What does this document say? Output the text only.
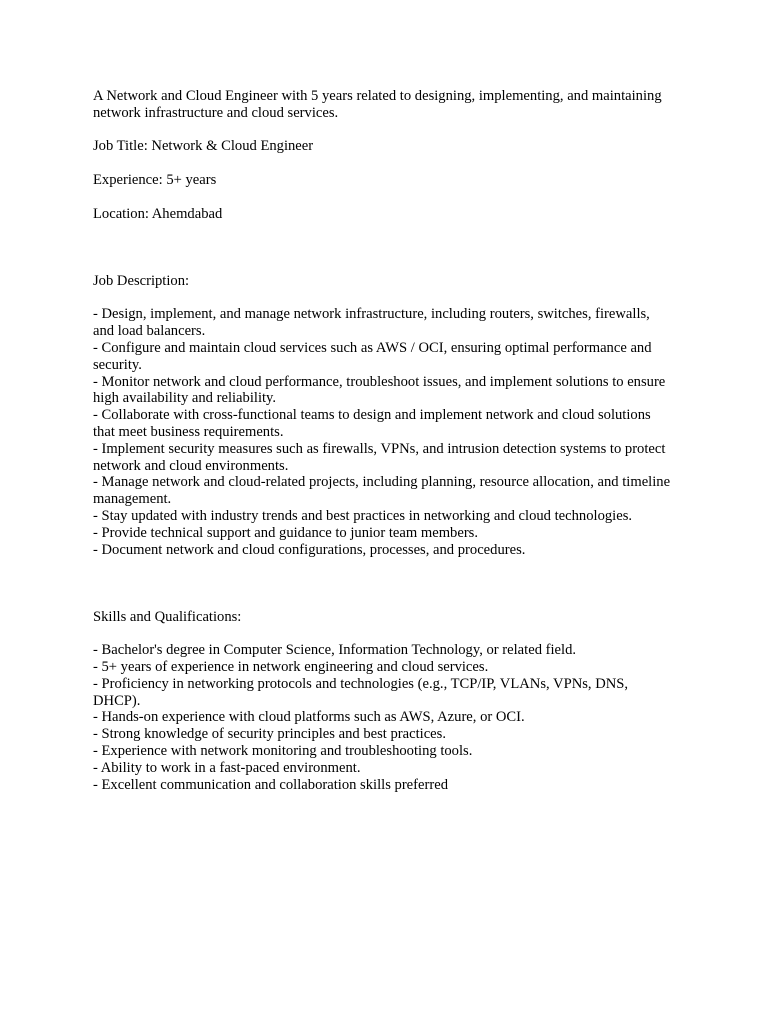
A Network and Cloud Engineer with 5 years related to designing, implementing, and maintaining network infrastructure and cloud services.

Job Title: Network & Cloud Engineer

Experience: 5+ years

Location: Ahemdabad

Job Description:

- Design, implement, and manage network infrastructure, including routers, switches, firewalls, and load balancers.
- Configure and maintain cloud services such as AWS / OCI, ensuring optimal performance and security.
- Monitor network and cloud performance, troubleshoot issues, and implement solutions to ensure high availability and reliability.
- Collaborate with cross-functional teams to design and implement network and cloud solutions that meet business requirements.
- Implement security measures such as firewalls, VPNs, and intrusion detection systems to protect network and cloud environments.
- Manage network and cloud-related projects, including planning, resource allocation, and timeline management.
- Stay updated with industry trends and best practices in networking and cloud technologies.
- Provide technical support and guidance to junior team members.
- Document network and cloud configurations, processes, and procedures.

Skills and Qualifications:

- Bachelor's degree in Computer Science, Information Technology, or related field.
- 5+ years of experience in network engineering and cloud services.
- Proficiency in networking protocols and technologies (e.g., TCP/IP, VLANs, VPNs, DNS, DHCP).
- Hands-on experience with cloud platforms such as AWS, Azure, or OCI.
- Strong knowledge of security principles and best practices.
- Experience with network monitoring and troubleshooting tools.
- Ability to work in a fast-paced environment.
- Excellent communication and collaboration skills preferred
